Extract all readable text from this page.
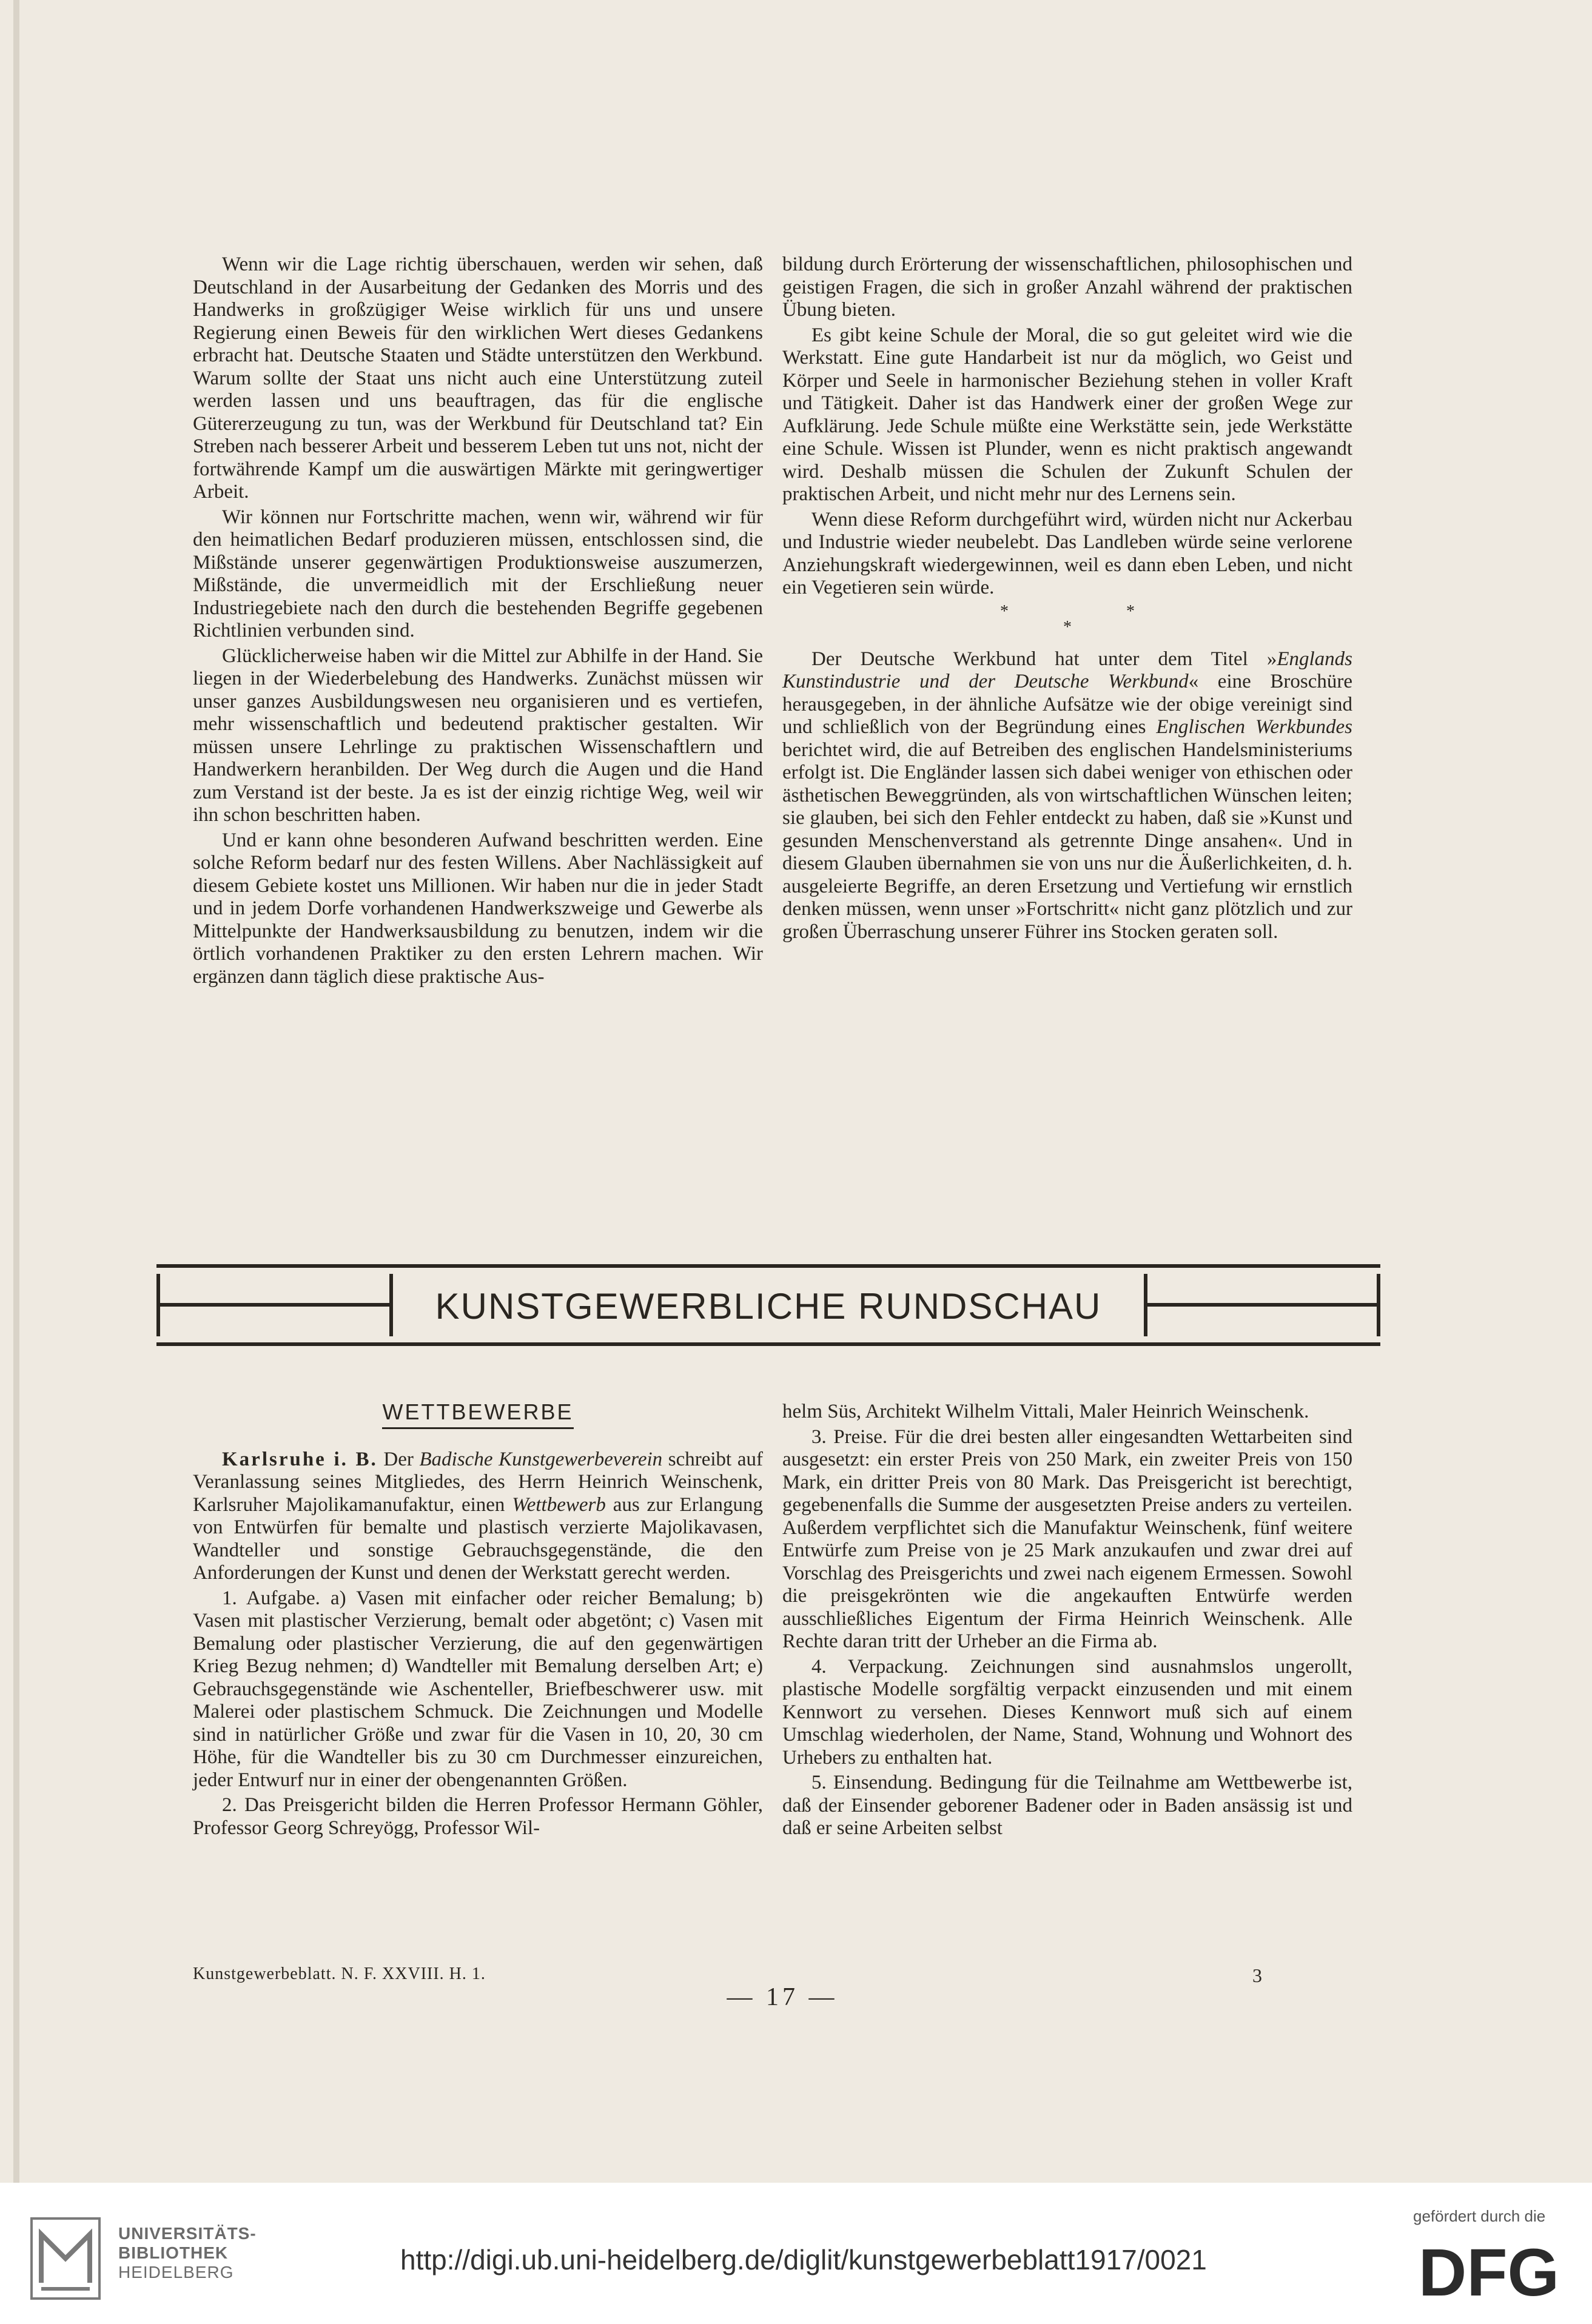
Wenn wir die Lage richtig überschauen, werden wir sehen, daß Deutschland in der Ausarbeitung der Gedanken des Morris und des Handwerks in großzügiger Weise wirklich für uns und unsere Regierung einen Beweis für den wirklichen Wert dieses Gedankens erbracht hat. Deutsche Staaten und Städte unterstützen den Werkbund. Warum sollte der Staat uns nicht auch eine Unterstützung zuteil werden lassen und uns beauftragen, das für die englische Gütererzeugung zu tun, was der Werkbund für Deutschland tat? Ein Streben nach besserer Arbeit und besserem Leben tut uns not, nicht der fortwährende Kampf um die auswärtigen Märkte mit geringwertiger Arbeit.

Wir können nur Fortschritte machen, wenn wir, während wir für den heimatlichen Bedarf produzieren müssen, entschlossen sind, die Mißstände unserer gegenwärtigen Produktionsweise auszumerzen, Mißstände, die unvermeidlich mit der Erschließung neuer Industriegebiete nach den durch die bestehenden Begriffe gegebenen Richtlinien verbunden sind.

Glücklicherweise haben wir die Mittel zur Abhilfe in der Hand. Sie liegen in der Wiederbelebung des Handwerks. Zunächst müssen wir unser ganzes Ausbildungswesen neu organisieren und es vertiefen, mehr wissenschaftlich und bedeutend praktischer gestalten. Wir müssen unsere Lehrlinge zu praktischen Wissenschaftlern und Handwerkern heranbilden. Der Weg durch die Augen und die Hand zum Verstand ist der beste. Ja es ist der einzig richtige Weg, weil wir ihn schon beschritten haben.

Und er kann ohne besonderen Aufwand beschritten werden. Eine solche Reform bedarf nur des festen Willens. Aber Nachlässigkeit auf diesem Gebiete kostet uns Millionen. Wir haben nur die in jeder Stadt und in jedem Dorfe vorhandenen Handwerkszweige und Gewerbe als Mittelpunkte der Handwerksausbildung zu benutzen, indem wir die örtlich vorhandenen Praktiker zu den ersten Lehrern machen. Wir ergänzen dann täglich diese praktische Aus-

bildung durch Erörterung der wissenschaftlichen, philosophischen und geistigen Fragen, die sich in großer Anzahl während der praktischen Übung bieten.

Es gibt keine Schule der Moral, die so gut geleitet wird wie die Werkstatt. Eine gute Handarbeit ist nur da möglich, wo Geist und Körper und Seele in harmonischer Beziehung stehen in voller Kraft und Tätigkeit. Daher ist das Handwerk einer der großen Wege zur Aufklärung. Jede Schule müßte eine Werkstätte sein, jede Werkstätte eine Schule. Wissen ist Plunder, wenn es nicht praktisch angewandt wird. Deshalb müssen die Schulen der Zukunft Schulen der praktischen Arbeit, und nicht mehr nur des Lernens sein.

Wenn diese Reform durchgeführt wird, würden nicht nur Ackerbau und Industrie wieder neubelebt. Das Landleben würde seine verlorene Anziehungskraft wiedergewinnen, weil es dann eben Leben, und nicht ein Vegetieren sein würde.

***

Der Deutsche Werkbund hat unter dem Titel »Englands Kunstindustrie und der Deutsche Werkbund« eine Broschüre herausgegeben, in der ähnliche Aufsätze wie der obige vereinigt sind und schließlich von der Begründung eines Englischen Werkbundes berichtet wird, die auf Betreiben des englischen Handelsministeriums erfolgt ist. Die Engländer lassen sich dabei weniger von ethischen oder ästhetischen Beweggründen, als von wirtschaftlichen Wünschen leiten; sie glauben, bei sich den Fehler entdeckt zu haben, daß sie »Kunst und gesunden Menschenverstand als getrennte Dinge ansahen«. Und in diesem Glauben übernahmen sie von uns nur die Äußerlichkeiten, d. h. ausgeleierte Begriffe, an deren Ersetzung und Vertiefung wir ernstlich denken müssen, wenn unser »Fortschritt« nicht ganz plötzlich und zur großen Überraschung unserer Führer ins Stocken geraten soll.

KUNSTGEWERBLICHE RUNDSCHAU
WETTBEWERBE

Karlsruhe i. B. Der Badische Kunstgewerbeverein schreibt auf Veranlassung seines Mitgliedes, des Herrn Heinrich Weinschenk, Karlsruher Majolikamanufaktur, einen Wettbewerb aus zur Erlangung von Entwürfen für bemalte und plastisch verzierte Majolikavasen, Wandteller und sonstige Gebrauchsgegenstände, die den Anforderungen der Kunst und denen der Werkstatt gerecht werden.

1. Aufgabe. a) Vasen mit einfacher oder reicher Bemalung; b) Vasen mit plastischer Verzierung, bemalt oder abgetönt; c) Vasen mit Bemalung oder plastischer Verzierung, die auf den gegenwärtigen Krieg Bezug nehmen; d) Wandteller mit Bemalung derselben Art; e) Gebrauchsgegenstände wie Aschenteller, Briefbeschwerer usw. mit Malerei oder plastischem Schmuck. Die Zeichnungen und Modelle sind in natürlicher Größe und zwar für die Vasen in 10, 20, 30 cm Höhe, für die Wandteller bis zu 30 cm Durchmesser einzureichen, jeder Entwurf nur in einer der obengenannten Größen.

2. Das Preisgericht bilden die Herren Professor Hermann Göhler, Professor Georg Schreyögg, Professor Wil-

helm Süs, Architekt Wilhelm Vittali, Maler Heinrich Weinschenk.

3. Preise. Für die drei besten aller eingesandten Wettarbeiten sind ausgesetzt: ein erster Preis von 250 Mark, ein zweiter Preis von 150 Mark, ein dritter Preis von 80 Mark. Das Preisgericht ist berechtigt, gegebenenfalls die Summe der ausgesetzten Preise anders zu verteilen. Außerdem verpflichtet sich die Manufaktur Weinschenk, fünf weitere Entwürfe zum Preise von je 25 Mark anzukaufen und zwar drei auf Vorschlag des Preisgerichts und zwei nach eigenem Ermessen. Sowohl die preisgekrönten wie die angekauften Entwürfe werden ausschließliches Eigentum der Firma Heinrich Weinschenk. Alle Rechte daran tritt der Urheber an die Firma ab.

4. Verpackung. Zeichnungen sind ausnahmslos ungerollt, plastische Modelle sorgfältig verpackt einzusenden und mit einem Kennwort zu versehen. Dieses Kennwort muß sich auf einem Umschlag wiederholen, der Name, Stand, Wohnung und Wohnort des Urhebers zu enthalten hat.

5. Einsendung. Bedingung für die Teilnahme am Wettbewerbe ist, daß der Einsender geborener Badener oder in Baden ansässig ist und daß er seine Arbeiten selbst

Kunstgewerbeblatt. N. F. XXVIII. H. 1.	3
— 17 —
UNIVERSITÄTS-
BIBLIOTHEK
HEIDELBERG	http://digi.ub.uni-heidelberg.de/diglit/kunstgewerbeblatt1917/0021
gefördert durch die
DFG
